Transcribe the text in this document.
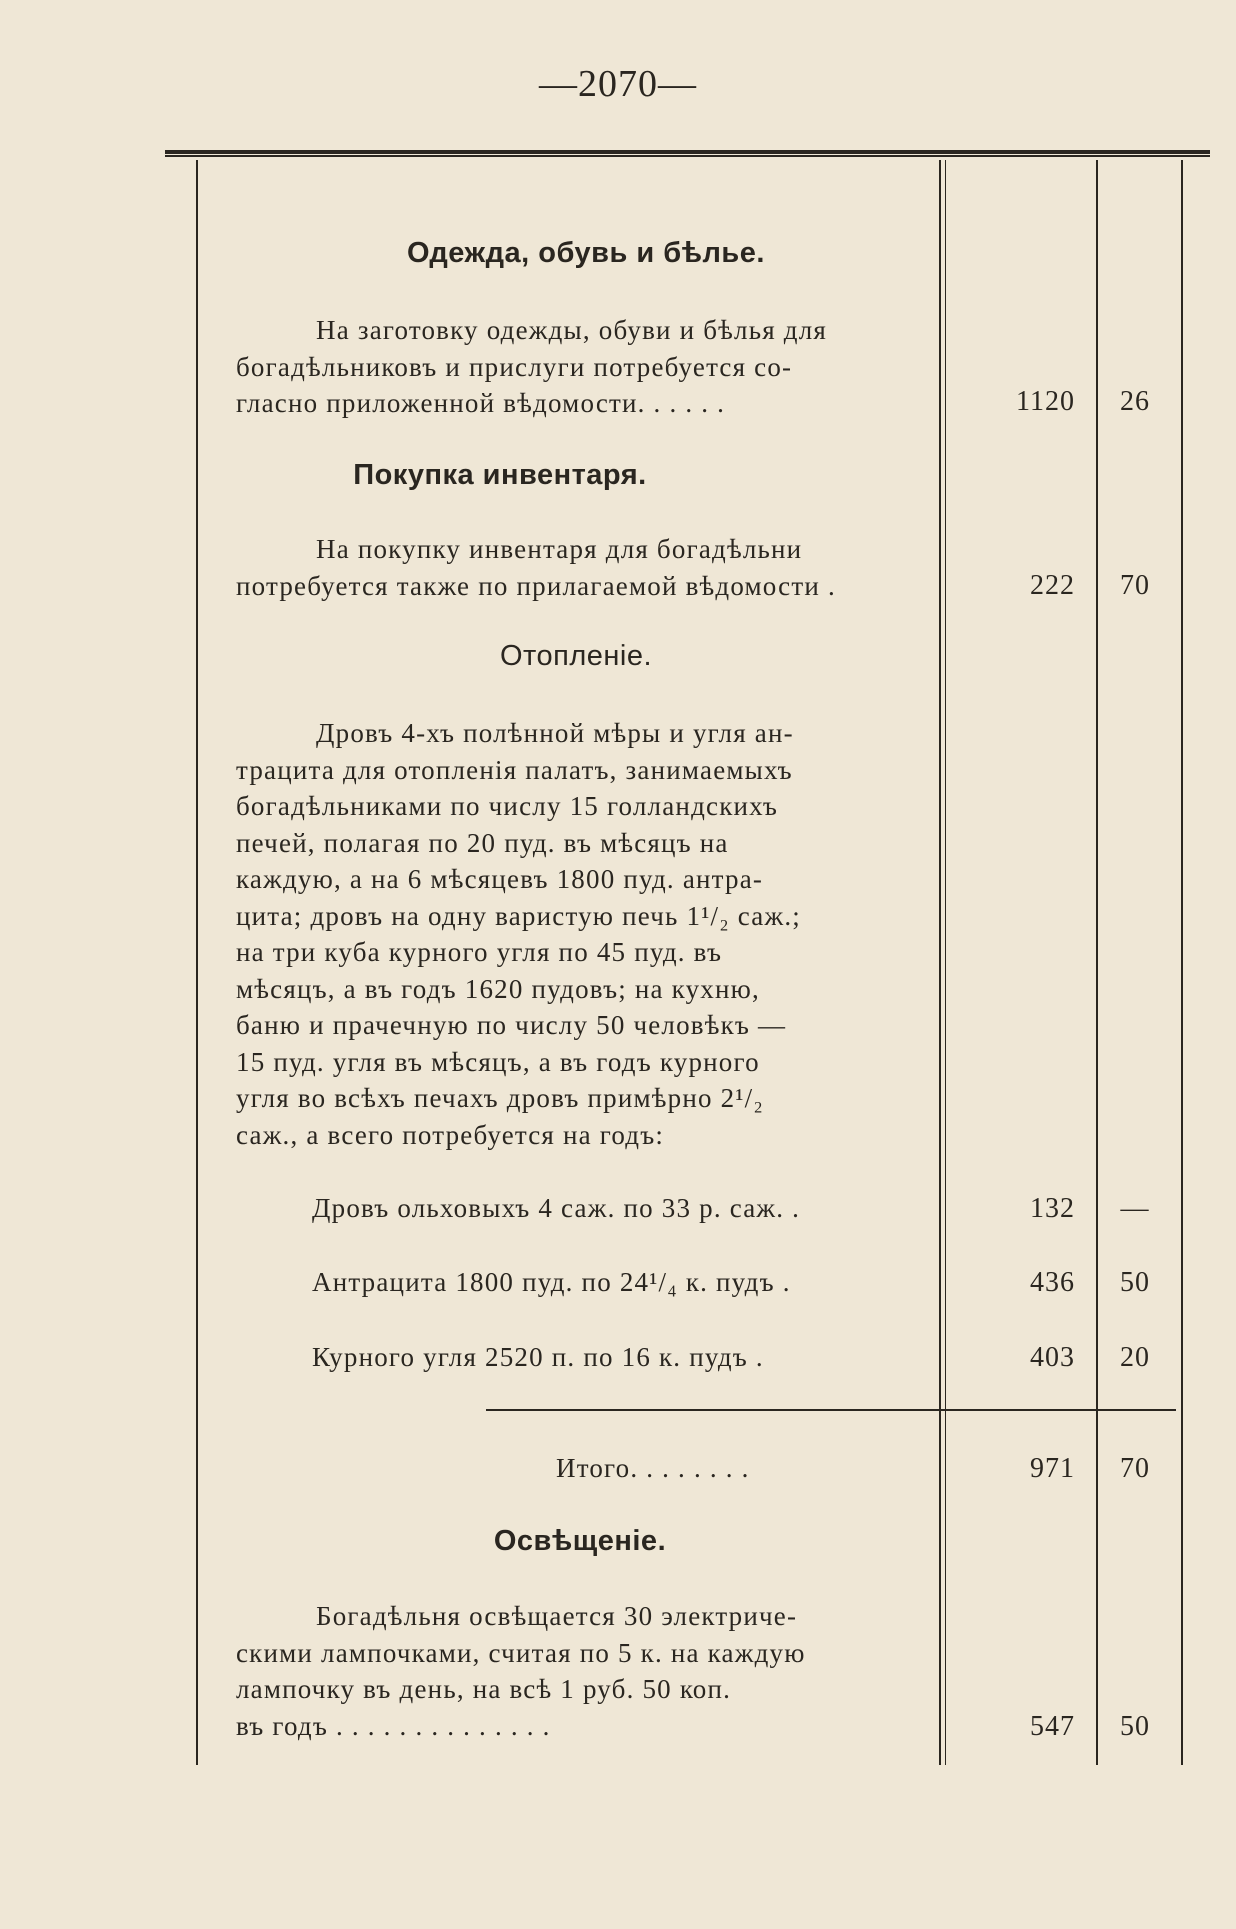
—2070—
Одежда, обувь и бѣлье.
На заготовку одежды, обуви и бѣлья для
богадѣльниковъ и прислуги потребуется со-
гласно приложенной вѣдомости. . . . . .	1120	26
Покупка инвентаря.
На покупку инвентаря для богадѣльни
потребуется также по прилагаемой вѣдомости .	222	70
Отопленіе.
Дровъ 4-хъ полѣнной мѣры и угля ан-
трацита для отопленія палатъ, занимаемыхъ
богадѣльниками по числу 15 голландскихъ
печей, полагая по 20 пуд. въ мѣсяцъ на
каждую, а на 6 мѣсяцевъ 1800 пуд. антра-
цита; дровъ на одну варистую печь 1¹/₂ саж.;
на три куба курного угля по 45 пуд. въ
мѣсяцъ, а въ годъ 1620 пудовъ; на кухню,
баню и прачечную по числу 50 человѣкъ —
15 пуд. угля въ мѣсяцъ, а въ годъ курного
угля во всѣхъ печахъ дровъ примѣрно 2¹/₂
саж., а всего потребуется на годъ:
Дровъ ольховыхъ 4 саж. по 33 р. саж. .	132	—
Антрацита 1800 пуд. по 24¹/₄ к. пудъ .	436	50
Курного угля 2520 п. по 16 к. пудъ .	403	20
Итого. . . . . . . .	971	70
Освѣщеніе.
Богадѣльня освѣщается 30 электриче-
скими лампочками, считая по 5 к. на каждую
лампочку въ день, на всѣ 1 руб. 50 коп.
въ годъ . . . . . . . . . . . . . .	547	50
